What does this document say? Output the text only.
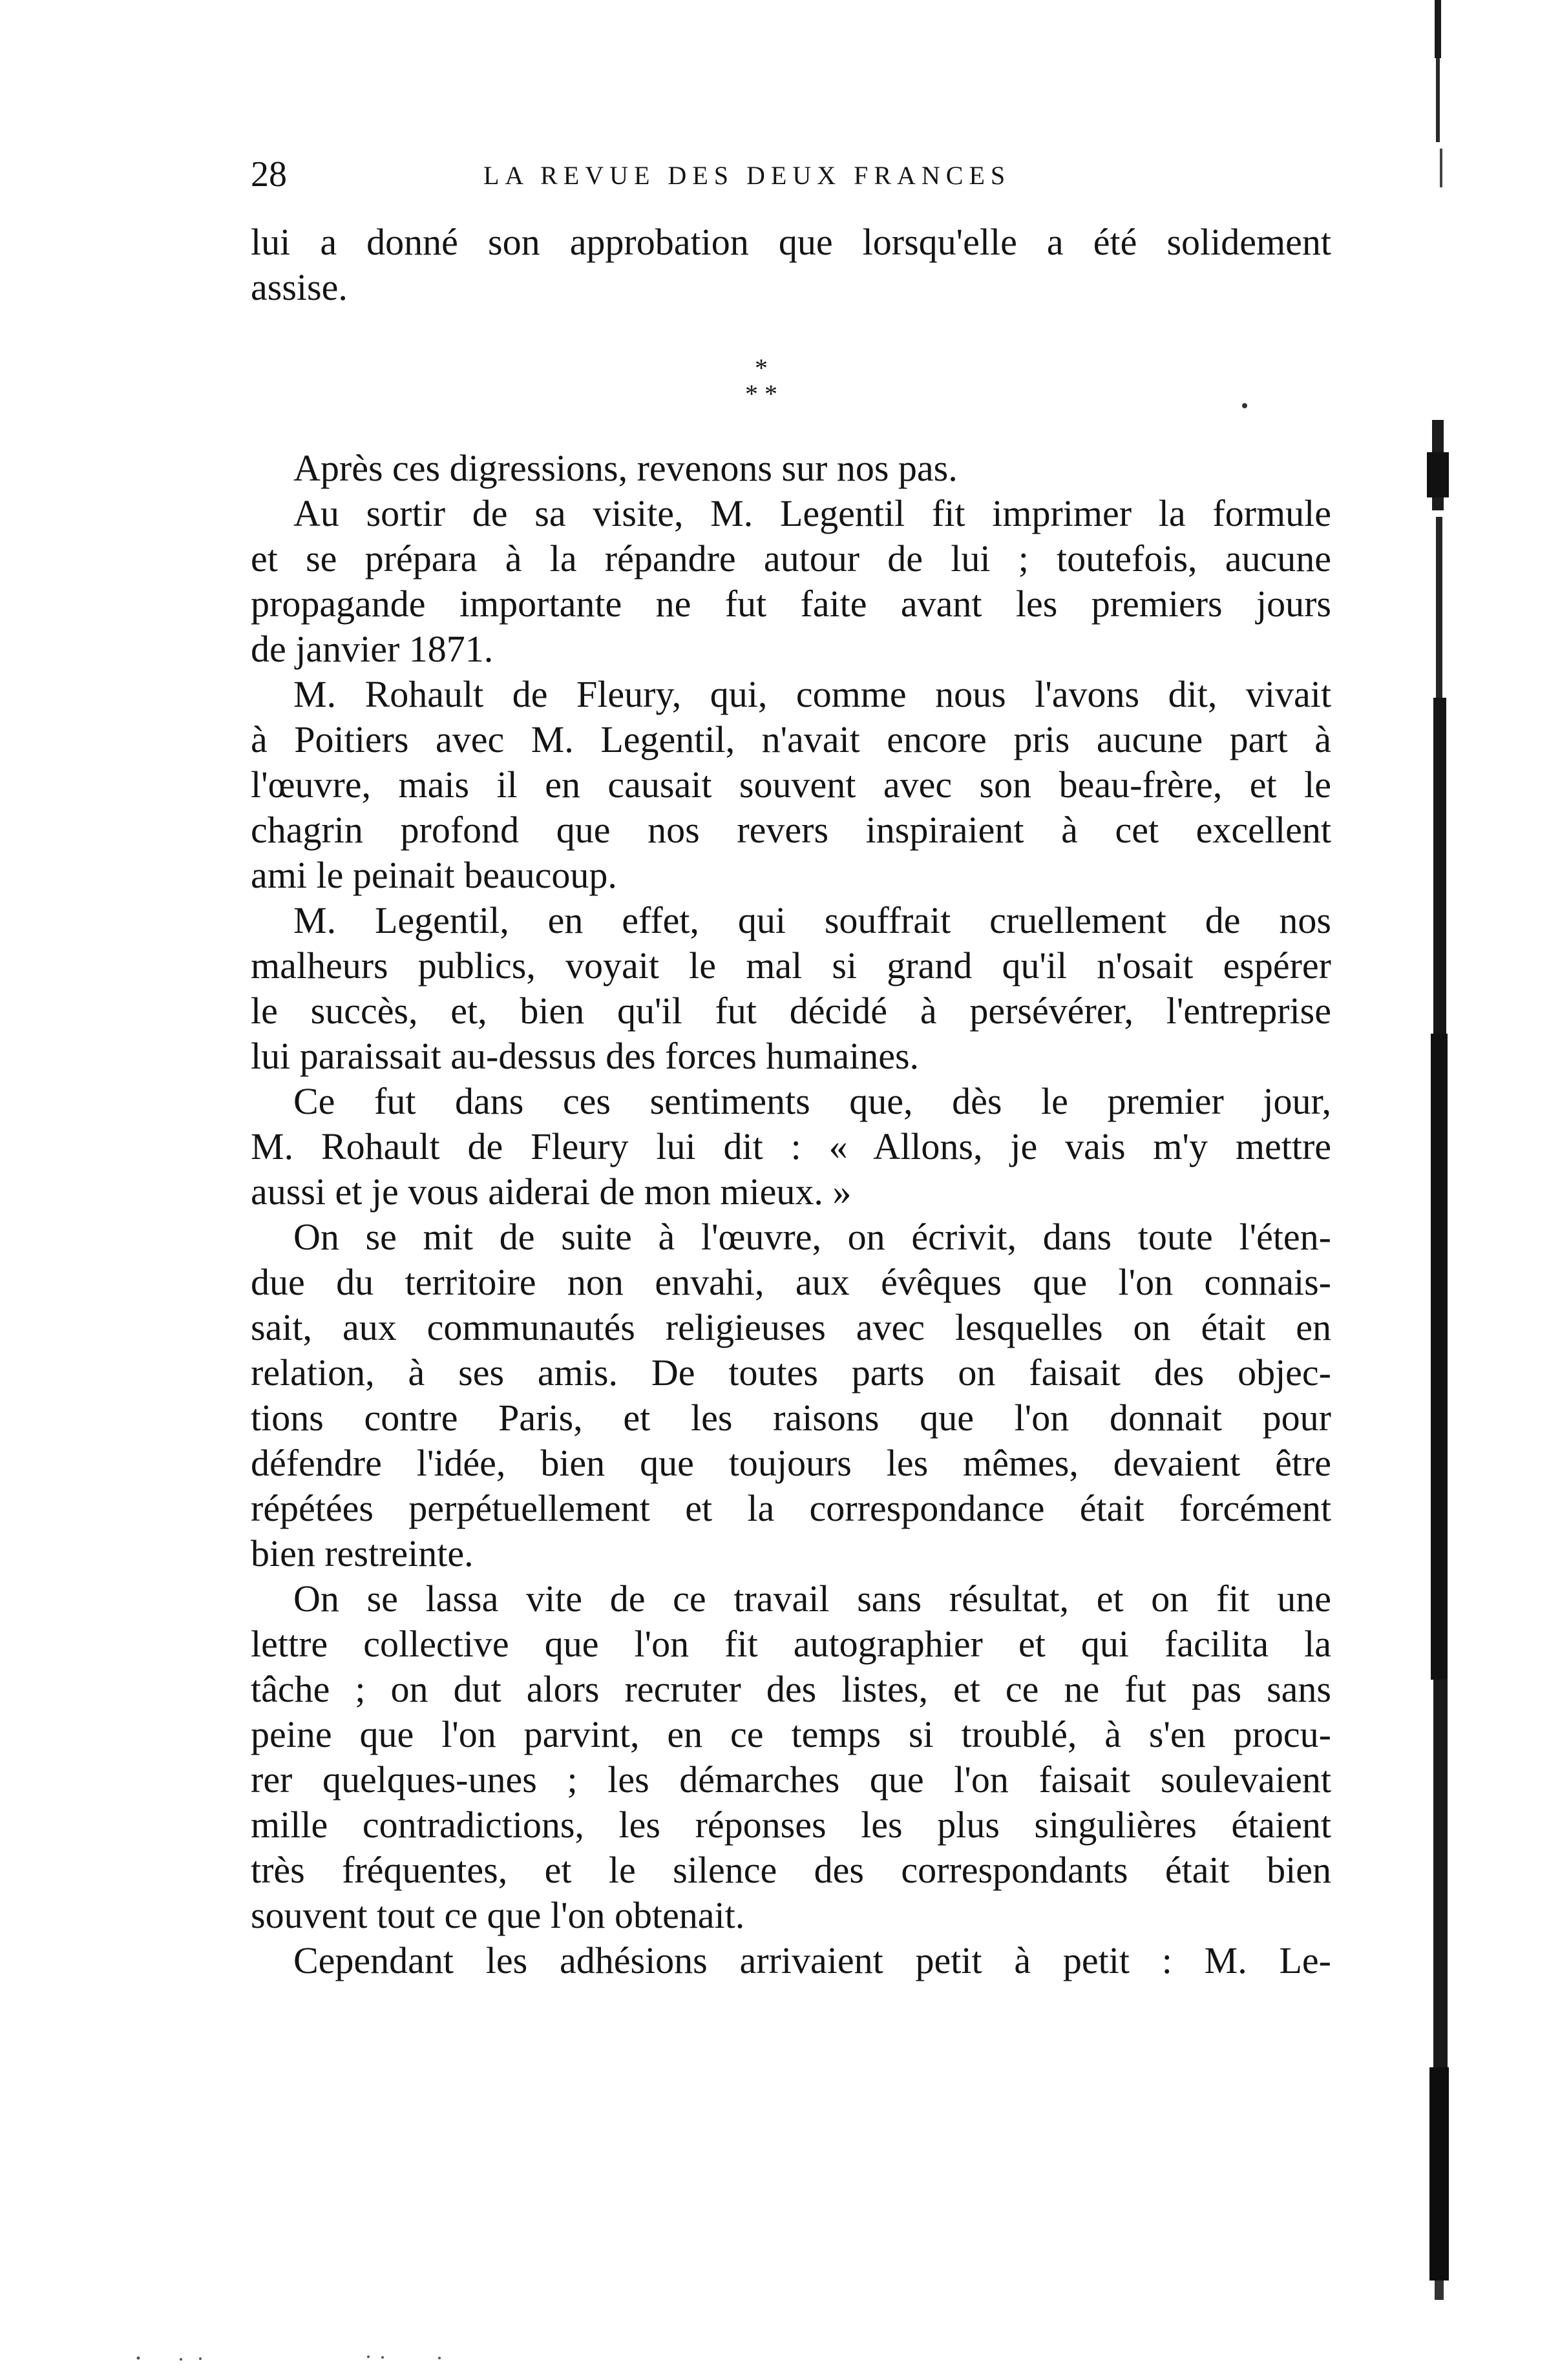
28	LA REVUE DES DEUX FRANCES
*
* *
lui a donné son approbation que lorsqu'elle a été solidement
assise.
Après ces digressions, revenons sur nos pas.
Au sortir de sa visite, M. Legentil fit imprimer la formule
et se prépara à la répandre autour de lui ; toutefois, aucune
propagande importante ne fut faite avant les premiers jours
de janvier 1871.
M. Rohault de Fleury, qui, comme nous l'avons dit, vivait
à Poitiers avec M. Legentil, n'avait encore pris aucune part à
l'œuvre, mais il en causait souvent avec son beau-frère, et le
chagrin profond que nos revers inspiraient à cet excellent
ami le peinait beaucoup.
M. Legentil, en effet, qui souffrait cruellement de nos
malheurs publics, voyait le mal si grand qu'il n'osait espérer
le succès, et, bien qu'il fut décidé à persévérer, l'entreprise
lui paraissait au-dessus des forces humaines.
Ce fut dans ces sentiments que, dès le premier jour,
M. Rohault de Fleury lui dit : « Allons, je vais m'y mettre
aussi et je vous aiderai de mon mieux. »
On se mit de suite à l'œuvre, on écrivit, dans toute l'éten-
due du territoire non envahi, aux évêques que l'on connais-
sait, aux communautés religieuses avec lesquelles on était en
relation, à ses amis. De toutes parts on faisait des objec-
tions contre Paris, et les raisons que l'on donnait pour
défendre l'idée, bien que toujours les mêmes, devaient être
répétées perpétuellement et la correspondance était forcément
bien restreinte.
On se lassa vite de ce travail sans résultat, et on fit une
lettre collective que l'on fit autographier et qui facilita la
tâche ; on dut alors recruter des listes, et ce ne fut pas sans
peine que l'on parvint, en ce temps si troublé, à s'en procu-
rer quelques-unes ; les démarches que l'on faisait soulevaient
mille contradictions, les réponses les plus singulières étaient
très fréquentes, et le silence des correspondants était bien
souvent tout ce que l'on obtenait.
Cependant les adhésions arrivaient petit à petit : M. Le-
